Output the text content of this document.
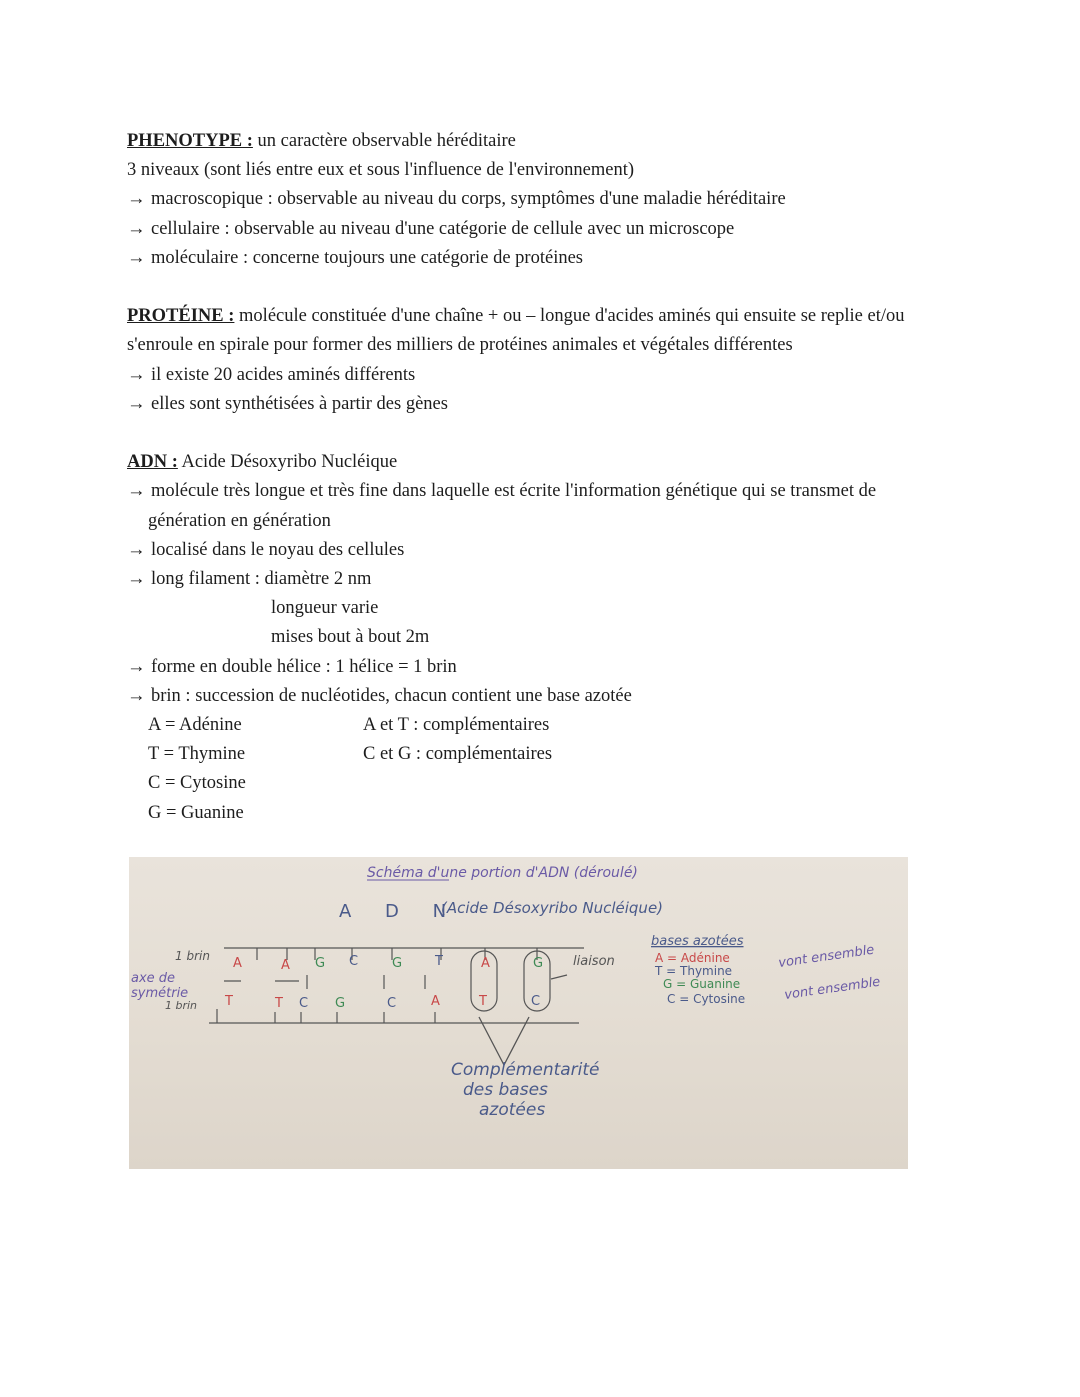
PHENOTYPE : un caractère observable héréditaire
3 niveaux (sont liés entre eux et sous l'influence de l'environnement)
→ macroscopique : observable au niveau du corps, symptômes d'une maladie héréditaire
→ cellulaire : observable au niveau d'une catégorie de cellule avec un microscope
→ moléculaire : concerne toujours une catégorie de protéines
PROTÉINE : molécule constituée d'une chaîne + ou – longue d'acides aminés qui ensuite se replie et/ou
s'enroule en spirale pour former des milliers de protéines animales et végétales différentes
→ il existe 20 acides aminés différents
→ elles sont synthétisées à partir des gènes
ADN : Acide Désoxyribo Nucléique
→ molécule très longue et très fine dans laquelle est écrite l'information génétique qui se transmet de
génération en génération
→ localisé dans le noyau des cellules
→ long filament : diamètre 2 nm
longueur varie
mises bout à bout 2m
→ forme en double hélice : 1 hélice = 1 brin
→ brin : succession de nucléotides, chacun contient une base azotée
A = Adénine	A et T : complémentaires
T = Thymine	C et G : complémentaires
C = Cytosine
G = Guanine
Schéma d'une portion d'ADN (déroulé)
A D N
(Acide Désoxyribo Nucléique)
A	A G C	G	T	A	G
T	T C G	C	A	T	C
1 brin
axe de
symétrie
1 brin
liaison
bases azotées
A = Adénine
T = Thymine
G = Guanine
C = Cytosine
vont ensemble
vont ensemble
Complémentarité
des bases
azotées
